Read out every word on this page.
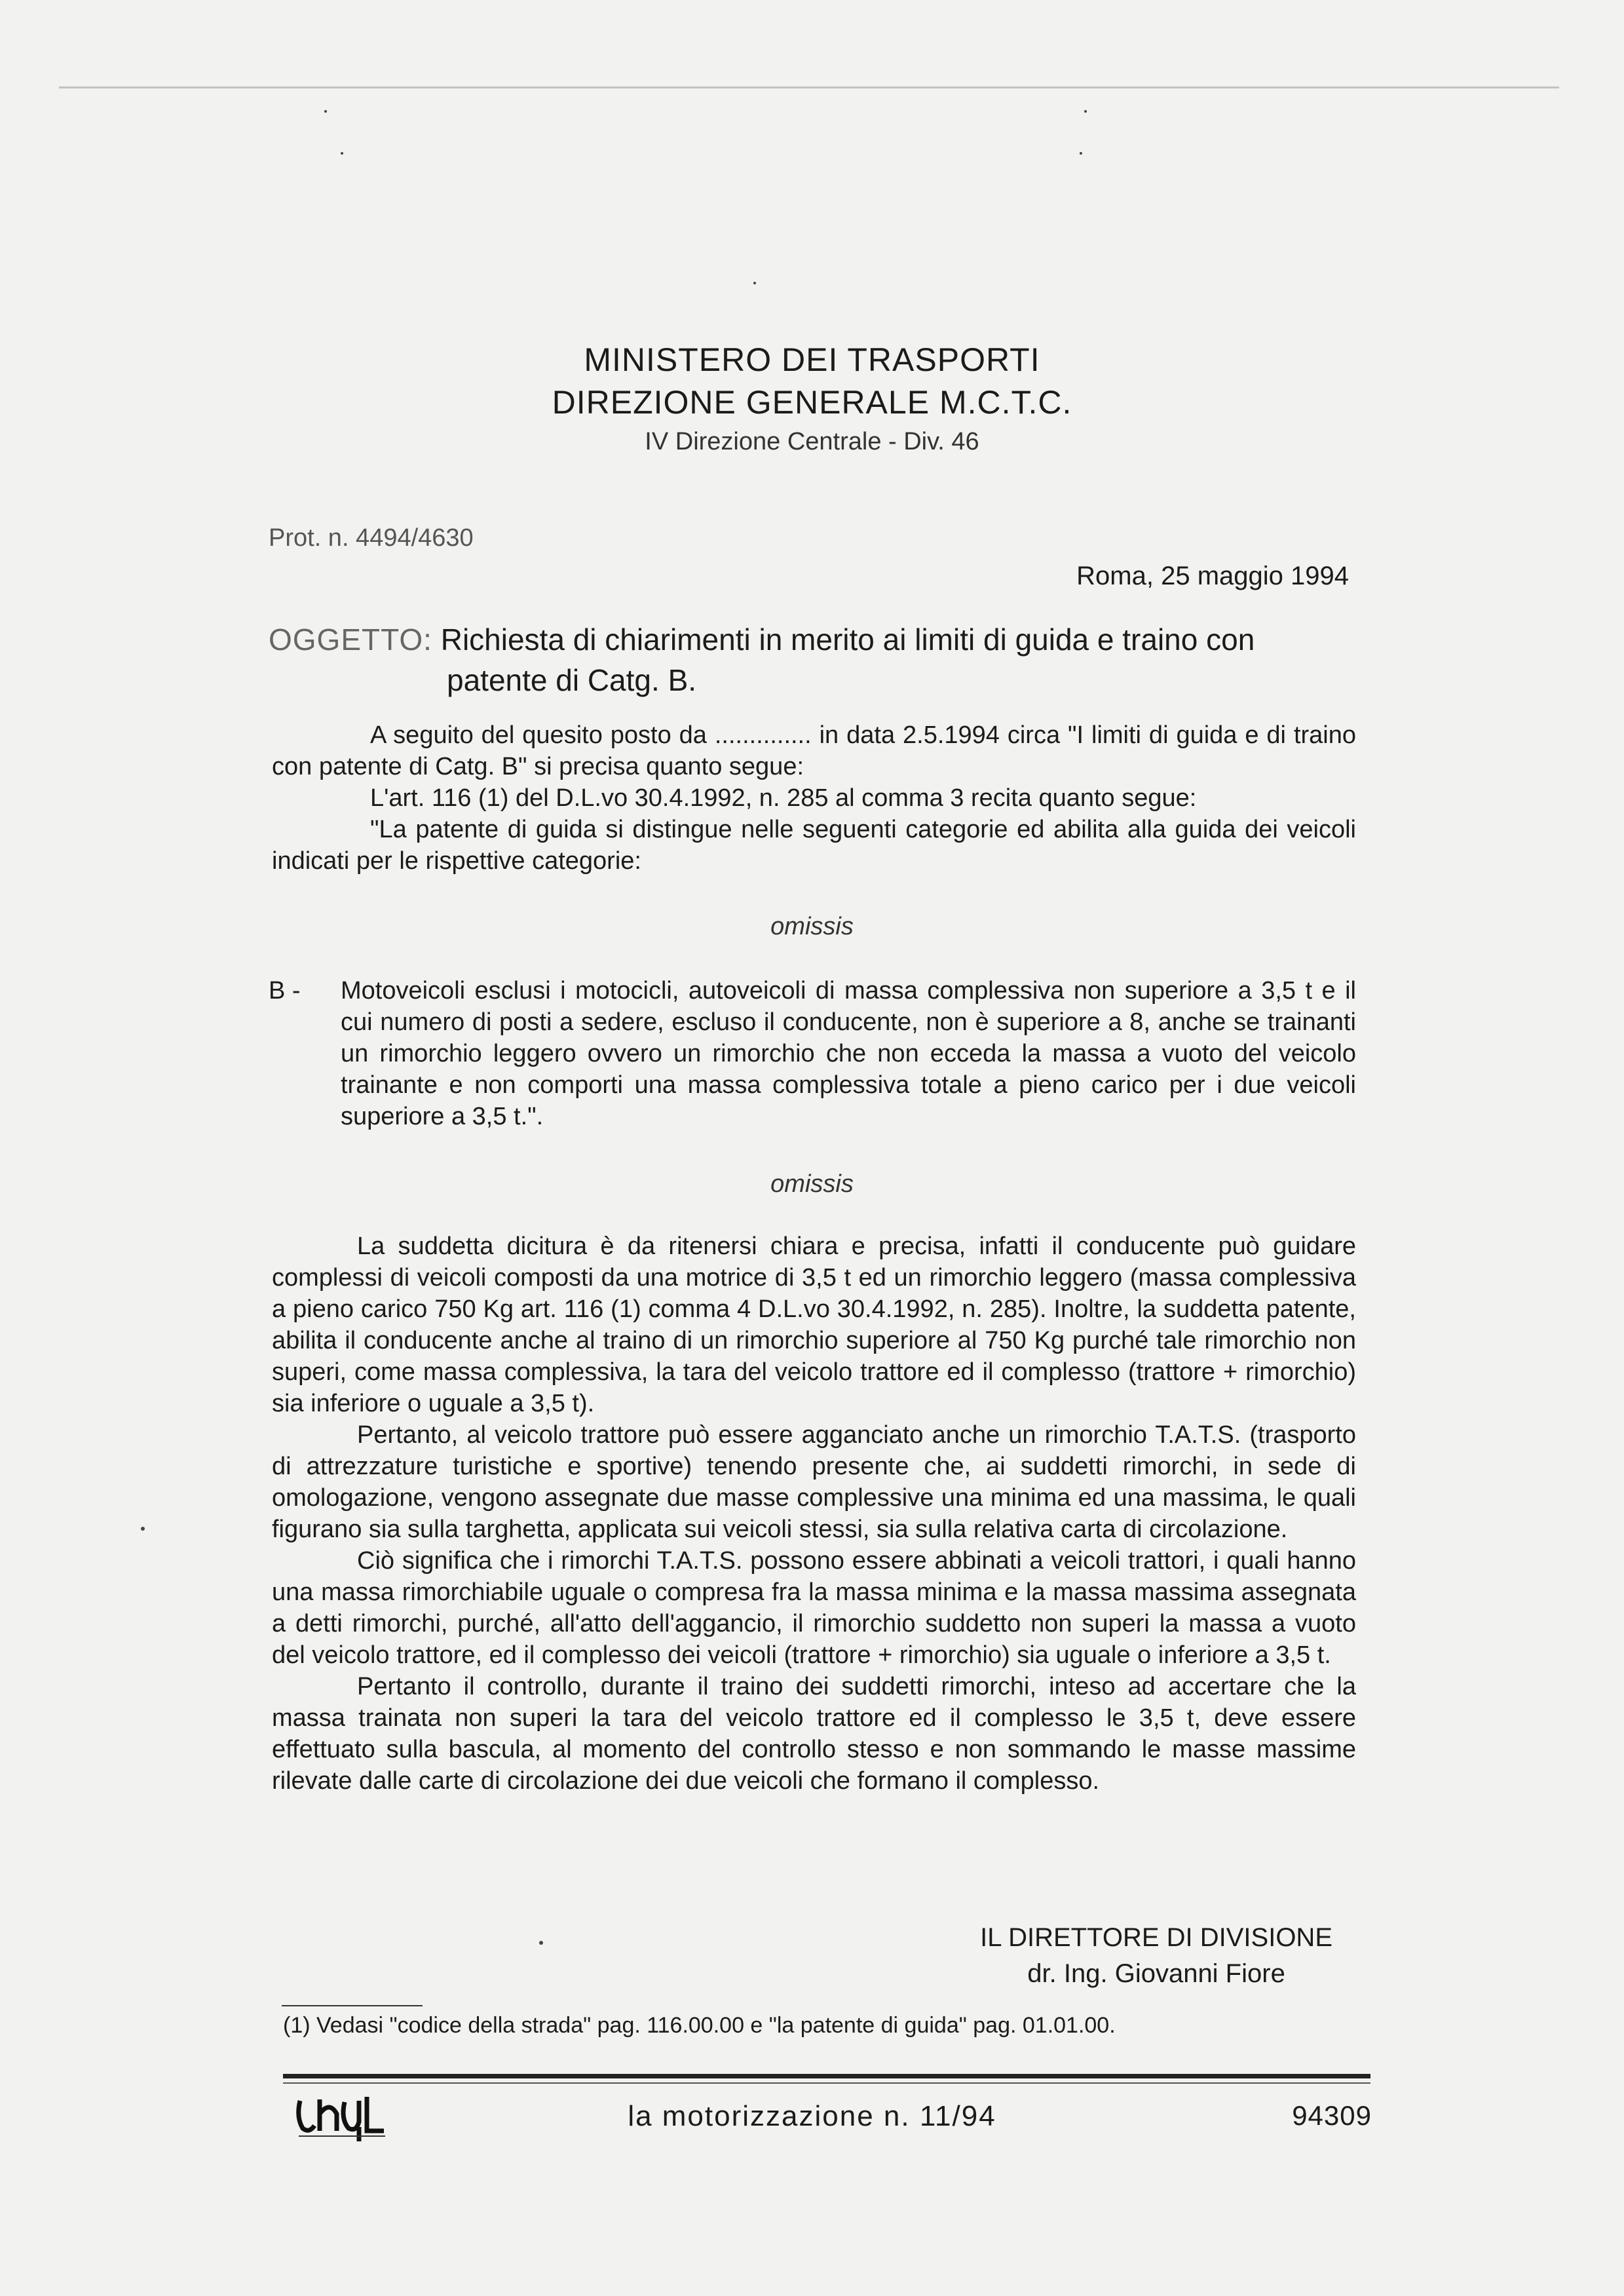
MINISTERO DEI TRASPORTI
DIREZIONE GENERALE M.C.T.C.
IV Direzione Centrale - Div. 46
Prot. n. 4494/4630
Roma, 25 maggio 1994
OGGETTO: Richiesta di chiarimenti in merito ai limiti di guida e traino con
patente di Catg. B.

A seguito del quesito posto da .............. in data 2.5.1994 circa "I limiti di guida e di traino con patente di Catg. B" si precisa quanto segue:

L'art. 116 (1) del D.L.vo 30.4.1992, n. 285 al comma 3 recita quanto segue:

"La patente di guida si distingue nelle seguenti categorie ed abilita alla guida dei veicoli indicati per le rispettive categorie:

omissis
B -	Motoveicoli esclusi i motocicli, autoveicoli di massa complessiva non superiore a 3,5 t e il cui numero di posti a sedere, escluso il conducente, non è superiore a 8, anche se trainanti un rimorchio leggero ovvero un rimorchio che non ecceda la massa a vuoto del veicolo trainante e non comporti una massa complessiva totale a pieno carico per i due veicoli superiore a 3,5 t.".
omissis

La suddetta dicitura è da ritenersi chiara e precisa, infatti il conducente può guidare complessi di veicoli composti da una motrice di 3,5 t ed un rimorchio leggero (massa complessiva a pieno carico 750 Kg art. 116 (1) comma 4 D.L.vo 30.4.1992, n. 285). Inoltre, la suddetta patente, abilita il conducente anche al traino di un rimorchio superiore al 750 Kg purché tale rimorchio non superi, come massa complessiva, la tara del veicolo trattore ed il complesso (trattore + rimorchio) sia inferiore o uguale a 3,5 t).

Pertanto, al veicolo trattore può essere agganciato anche un rimorchio T.A.T.S. (trasporto di attrezzature turistiche e sportive) tenendo presente che, ai suddetti rimorchi, in sede di omologazione, vengono assegnate due masse complessive una minima ed una massima, le quali figurano sia sulla targhetta, applicata sui veicoli stessi, sia sulla relativa carta di circolazione.

Ciò significa che i rimorchi T.A.T.S. possono essere abbinati a veicoli trattori, i quali hanno una massa rimorchiabile uguale o compresa fra la massa minima e la massa massima assegnata a detti rimorchi, purché, all'atto dell'aggancio, il rimorchio suddetto non superi la massa a vuoto del veicolo trattore, ed il complesso dei veicoli (trattore + rimorchio) sia uguale o inferiore a 3,5 t.

Pertanto il controllo, durante il traino dei suddetti rimorchi, inteso ad accertare che la massa trainata non superi la tara del veicolo trattore ed il complesso le 3,5 t, deve essere effettuato sulla bascula, al momento del controllo stesso e non sommando le masse massime rilevate dalle carte di circolazione dei due veicoli che formano il complesso.

IL DIRETTORE DI DIVISIONE
dr. Ing. Giovanni Fiore
(1) Vedasi "codice della strada" pag. 116.00.00 e "la patente di guida" pag. 01.01.00.
la motorizzazione n. 11/94	94309
